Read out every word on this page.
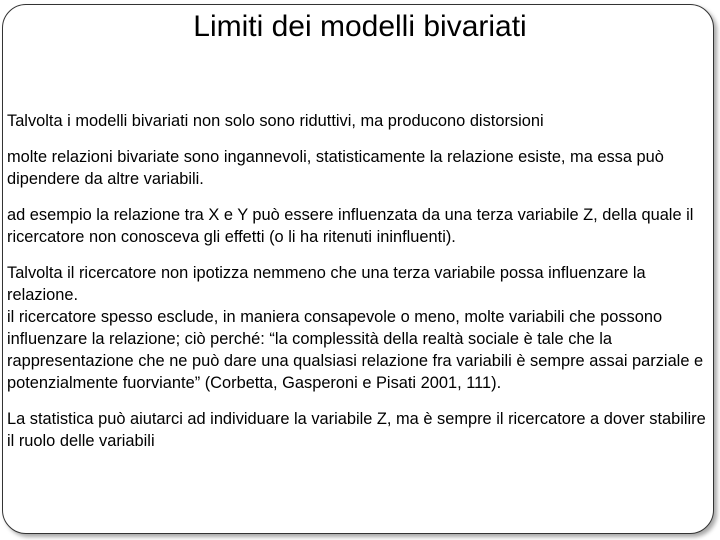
Limiti dei modelli bivariati

Talvolta i modelli bivariati non solo sono riduttivi, ma producono distorsioni

molte relazioni bivariate sono ingannevoli, statisticamente la relazione esiste, ma essa può dipendere da altre variabili.

ad esempio la relazione tra X e Y può essere influenzata da una terza variabile Z, della quale il ricercatore non conosceva gli effetti (o li ha ritenuti ininfluenti).

Talvolta il ricercatore non ipotizza nemmeno che una terza variabile possa influenzare la relazione.

il ricercatore spesso esclude, in maniera consapevole o meno, molte variabili che possono influenzare la relazione; ciò perché: “la complessità della realtà sociale è tale che la rappresentazione che ne può dare una qualsiasi relazione fra variabili è sempre assai parziale e potenzialmente fuorviante” (Corbetta, Gasperoni e Pisati 2001, 111).

La statistica può aiutarci ad individuare la variabile Z, ma è sempre il ricercatore a dover stabilire il ruolo delle variabili
